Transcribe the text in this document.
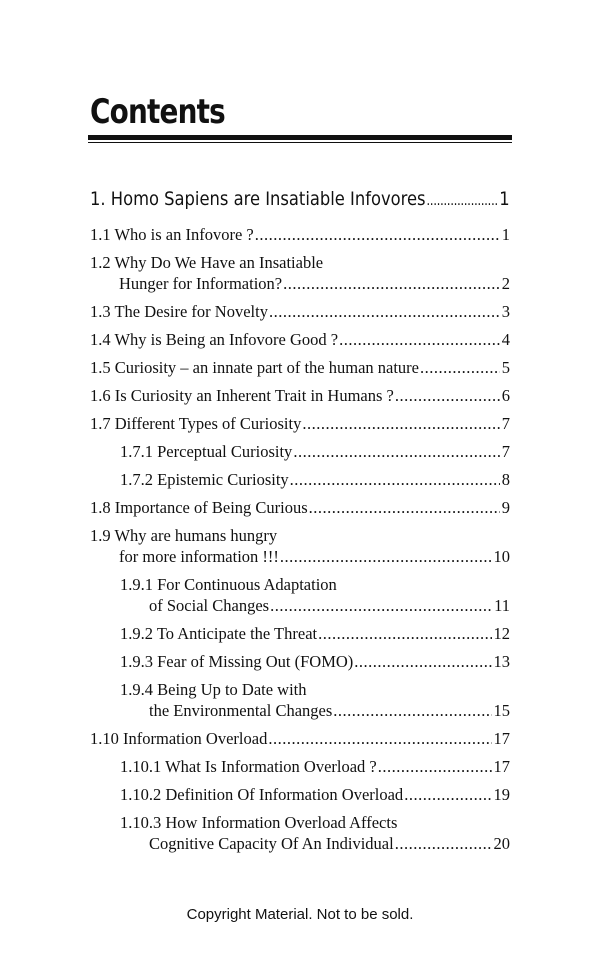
Contents
1. Homo Sapiens are Insatiable Infovores .....	1
1.1 Who is an Infovore ? .....	1
1.2 Why Do We Have an Insatiable
Hunger for Information? .....	2
1.3 The Desire for Novelty .....	3
1.4 Why is Being an Infovore Good ? .....	4
1.5 Curiosity – an innate part of the human nature .....	5
1.6 Is Curiosity an Inherent Trait in Humans ? .....	6
1.7 Different Types of Curiosity .....	7
1.7.1 Perceptual Curiosity .....	7
1.7.2 Epistemic Curiosity .....	8
1.8 Importance of Being Curious .....	9
1.9 Why are humans hungry
for more information !!! .....	10
1.9.1 For Continuous Adaptation
of Social Changes .....	11
1.9.2 To Anticipate the Threat .....	12
1.9.3 Fear of Missing Out (FOMO) .....	13
1.9.4 Being Up to Date with
the Environmental Changes .....	15
1.10 Information Overload .....	17
1.10.1 What Is Information Overload ? .....	17
1.10.2 Definition Of Information Overload .....	19
1.10.3 How Information Overload Affects
Cognitive Capacity Of An Individual .....	20
Copyright Material. Not to be sold.
